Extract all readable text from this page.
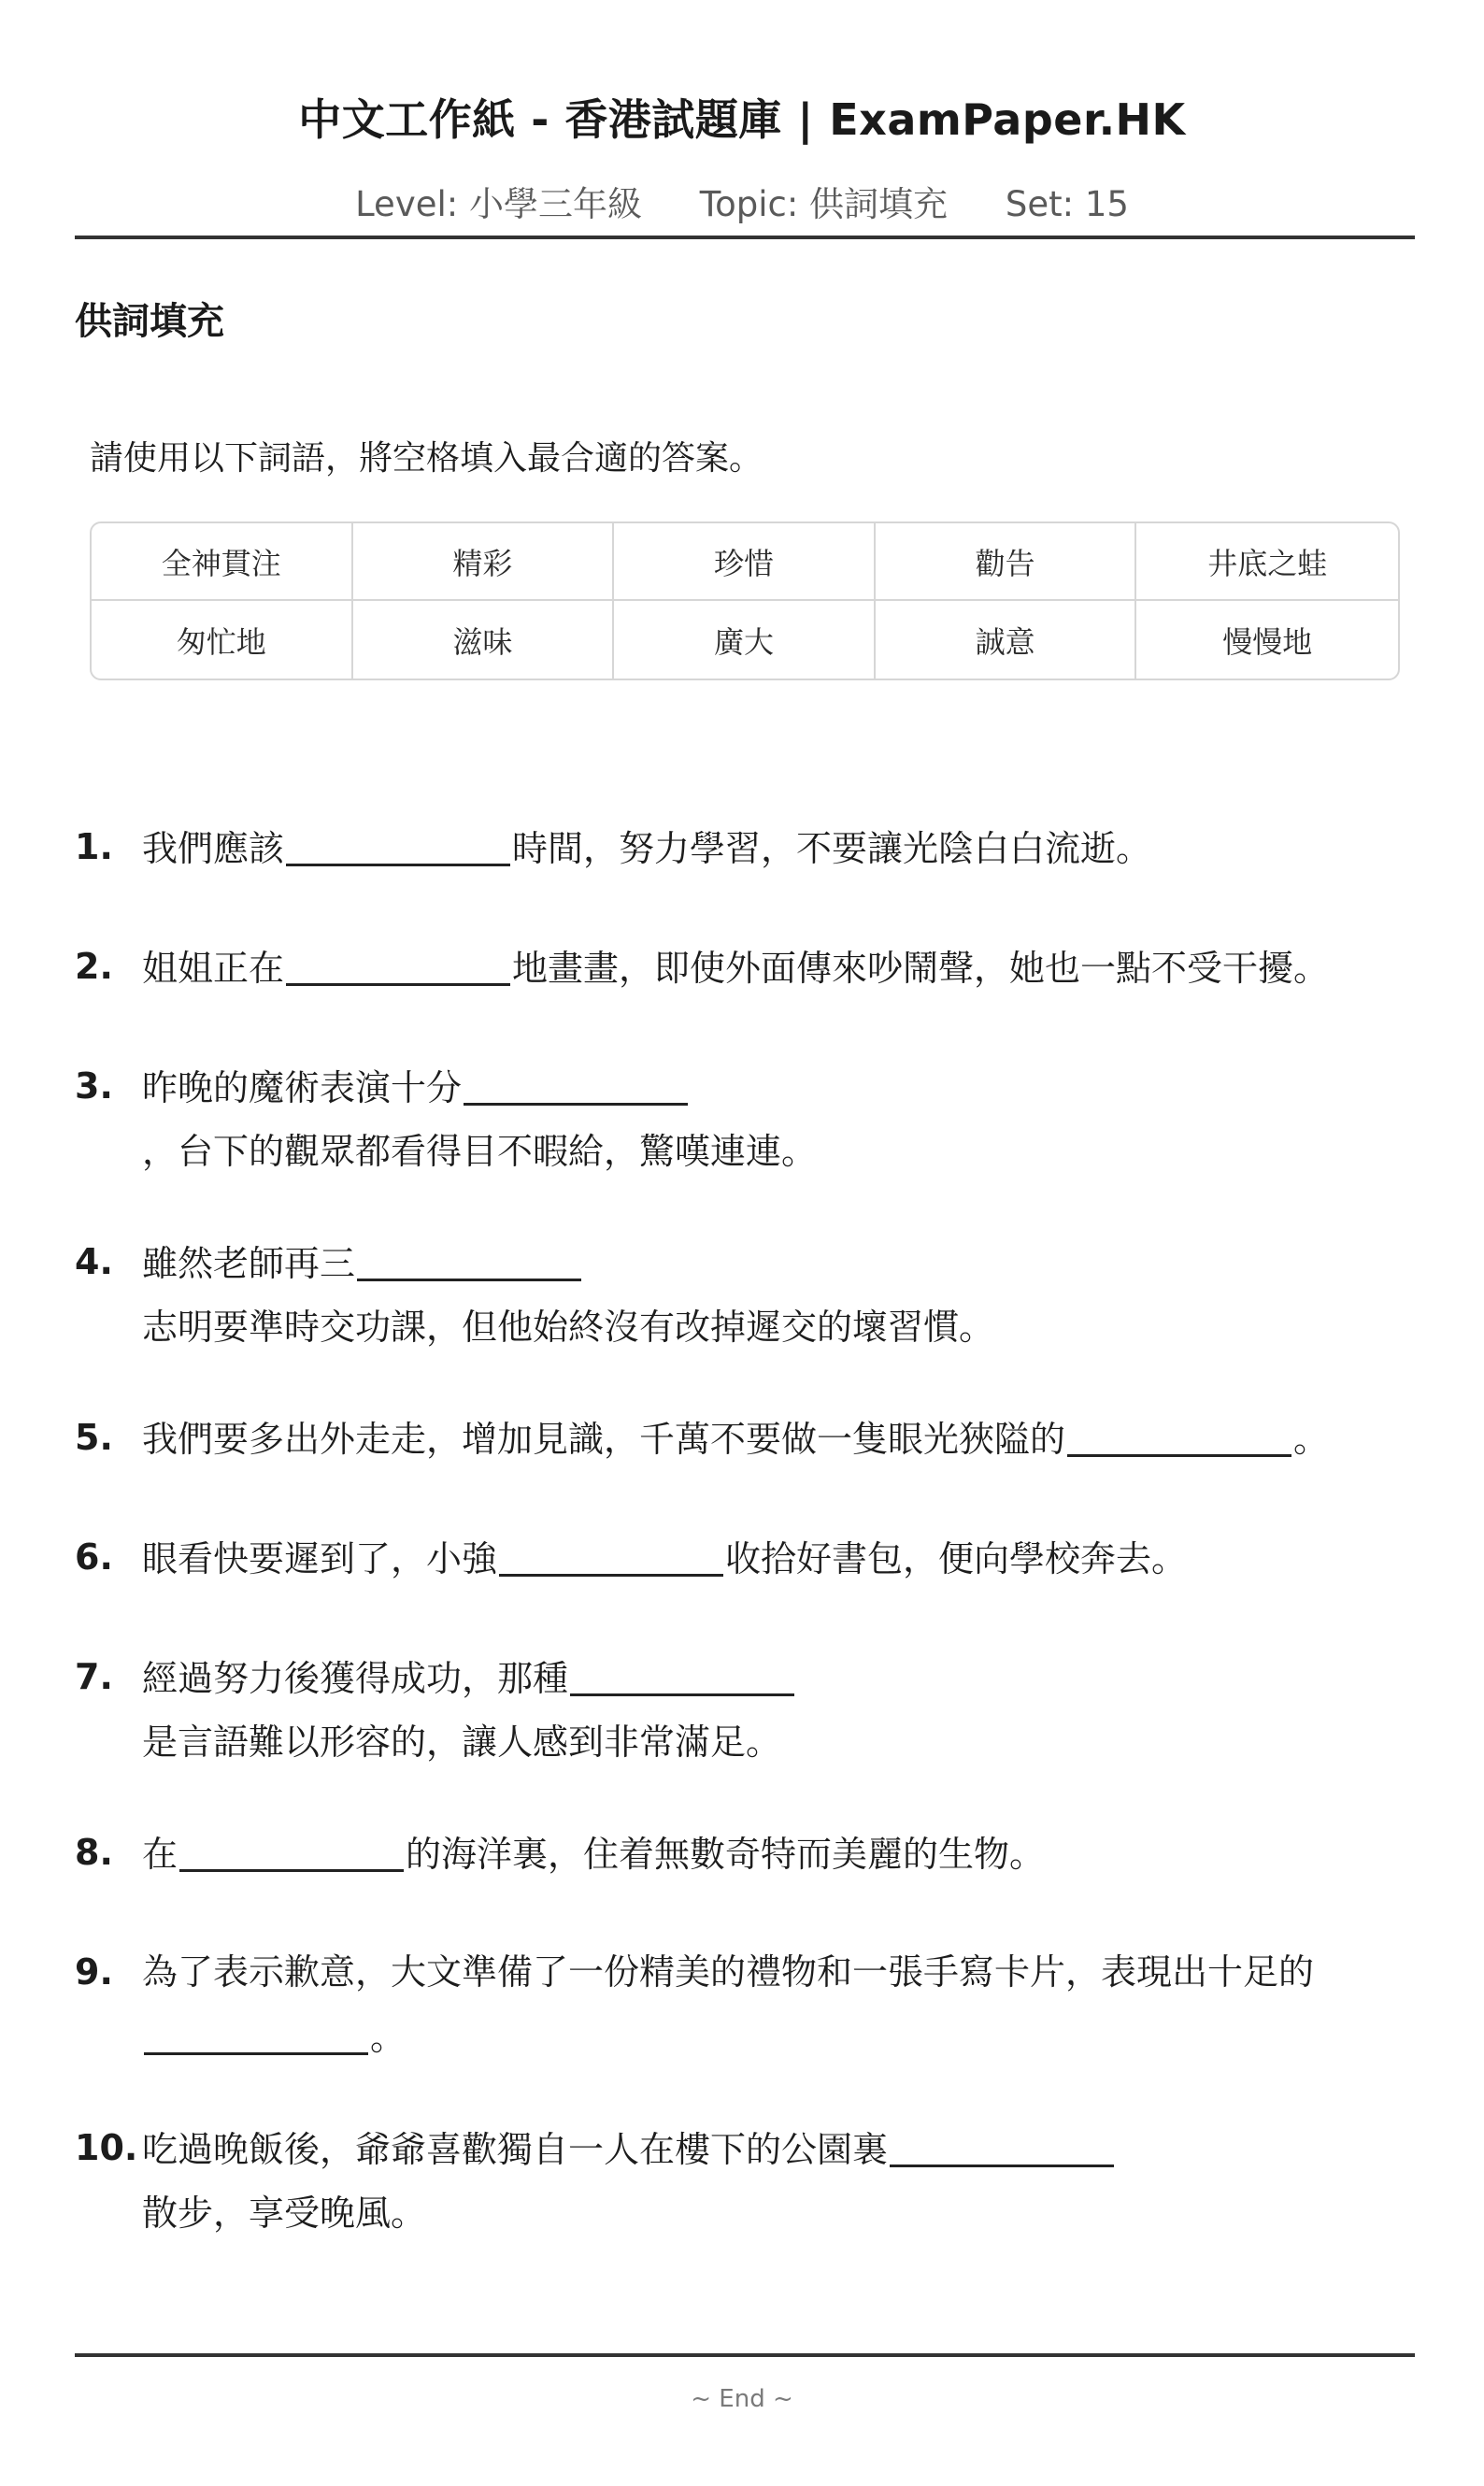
中文工作紙 - 香港試題庫 | ExamPaper.HK
Level: 小學三年級 Topic: 供詞填充 Set: 15
供詞填充
請使用以下詞語，將空格填入最合適的答案。
全神貫注	精彩	珍惜	勸告	井底之蛙
匆忙地	滋味	廣大	誠意	慢慢地
1. 我們應該	時間，努力學習，不要讓光陰白白流逝。
2. 姐姐正在	地畫畫，即使外面傳來吵鬧聲，她也一點不受干擾。
3. 昨晚的魔術表演十分
，台下的觀眾都看得目不暇給，驚嘆連連。
4. 雖然老師再三
志明要準時交功課，但他始終沒有改掉遲交的壞習慣。
5. 我們要多出外走走，增加見識，千萬不要做一隻眼光狹隘的	。
6. 眼看快要遲到了，小強	收拾好書包，便向學校奔去。
7. 經過努力後獲得成功，那種
是言語難以形容的，讓人感到非常滿足。
8. 在	的海洋裏，住着無數奇特而美麗的生物。
9. 為了表示歉意，大文準備了一份精美的禮物和一張手寫卡片，表現出十足的
。
10. 吃過晚飯後，爺爺喜歡獨自一人在樓下的公園裏
散步，享受晚風。
~ End ~
